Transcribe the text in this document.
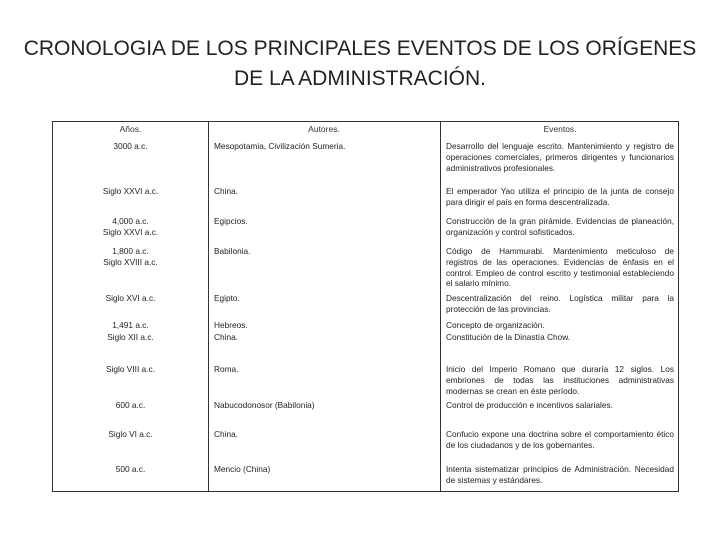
CRONOLOGIA DE LOS PRINCIPALES EVENTOS DE LOS ORÍGENES
DE LA ADMINISTRACIÓN.
Años.	Autores.	Eventos.
3000 a.c.
Siglo XXVI a.c.
4,000 a.c.
Siglo XXVI a.c.
1,800 a.c.
Siglo XVIII a.c.
Siglo XVI a.c.
1,491 a.c.
Siglo XII a.c.
Siglo VIII a.c.
600 a.c.
Siglo VI a.c.
500 a.c.
Mesopotamia, Civilización Sumeria.
China.
Egipcios.
Babilonia.
Egipto.
Hebreos.
China.
Roma.
Nabucodonosor (Babilonia)
China.
Mencio (China)
Desarrollo del lenguaje escrito. Mantenimiento y registro de operaciones comerciales, primeros dirigentes y funcionarios administrativos profesionales.
El emperador Yao utiliza el principio de la junta de consejo para dirigir el país en forma descentralizada.
Construcción de la gran pirámide. Evidencias de planeación, organización y control sofisticados.
Código de Hammurabi. Mantenimiento meticuloso de registros de las operaciones. Evidencias de énfasis en el control. Empleo de control escrito y testimonial estableciendo el salario mínimo.
Descentralización del reino. Logística militar para la protección de las provincias.
Concepto de organización.
Constitución de la Dinastía Chow.
Inicio del Imperio Romano que duraría 12 siglos. Los embriones de todas las instituciones administrativas modernas se crean en éste período.
Control de producción e incentivos salariales.
Confucio expone una doctrina sobre el comportamiento ético de los ciudadanos y de los gobernantes.
Intenta sistematizar principios de Administración. Necesidad de sistemas y estándares.
